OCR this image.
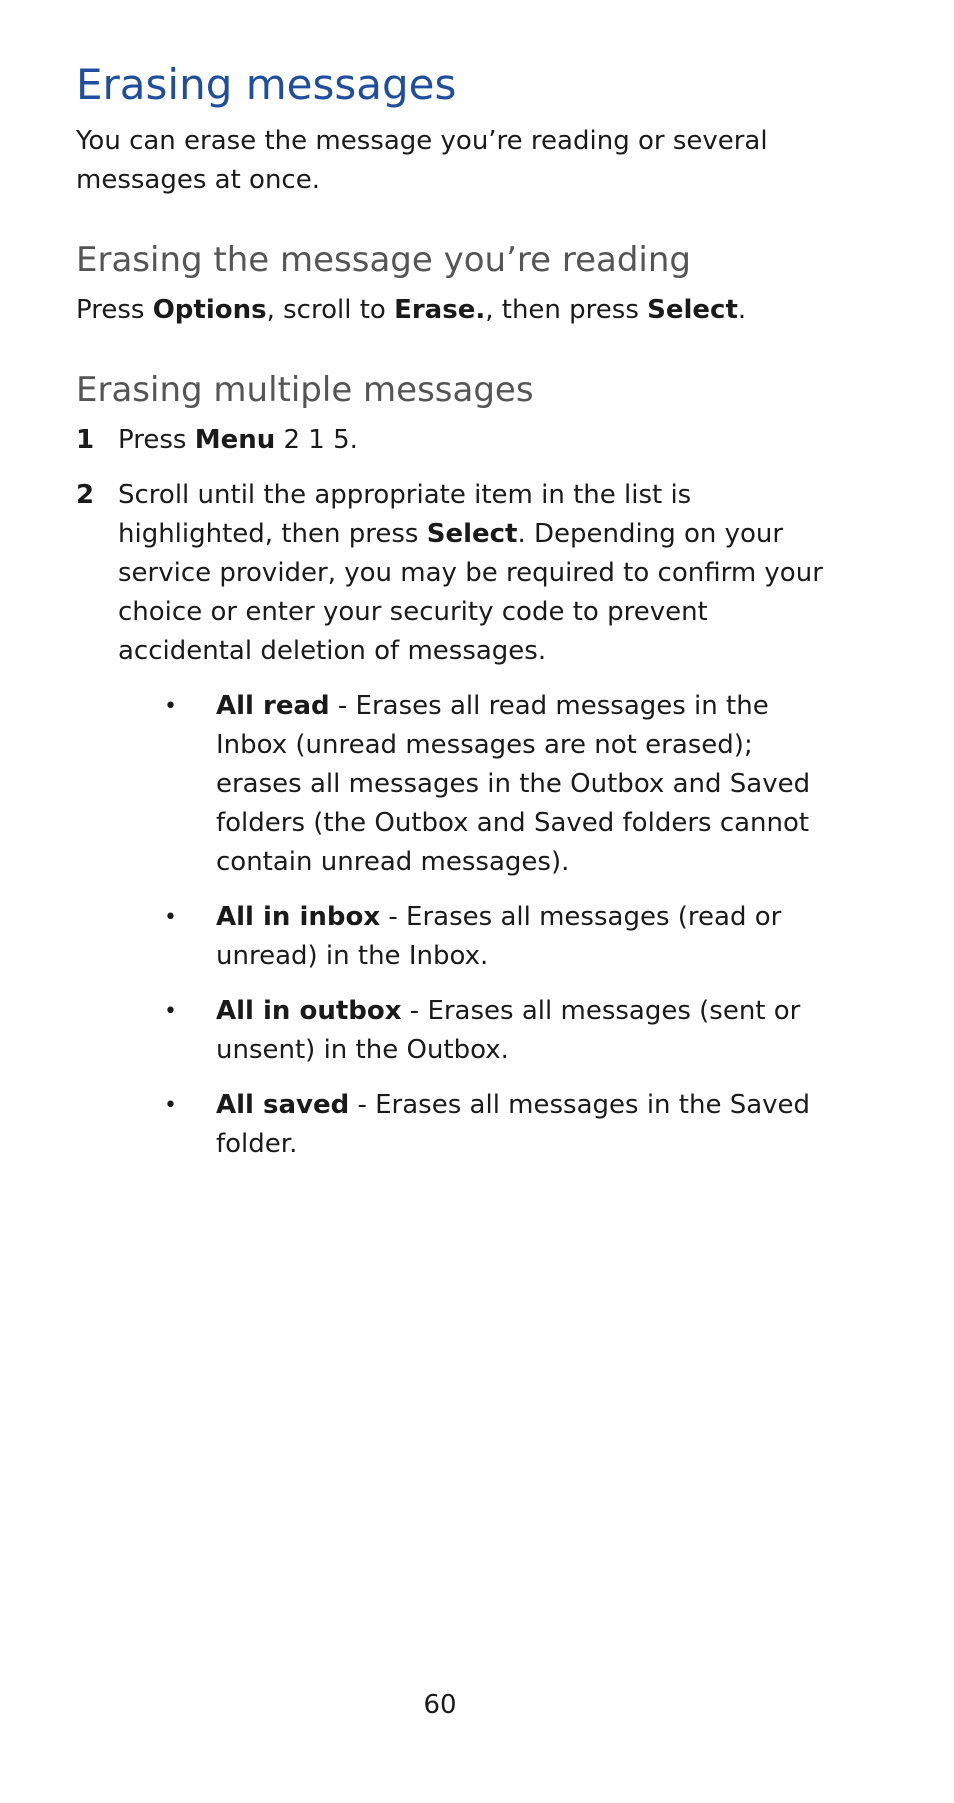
Erasing messages

You can erase the message you’re reading or several messages at once.

Erasing the message you’re reading

Press Options, scroll to Erase., then press Select.

Erasing multiple messages
1 Press Menu 2 1 5.
2 Scroll until the appropriate item in the list is highlighted, then press Select. Depending on your service provider, you may be required to confirm your choice or enter your security code to prevent accidental deletion of messages.
• All read - Erases all read messages in the Inbox (unread messages are not erased); erases all messages in the Outbox and Saved folders (the Outbox and Saved folders cannot contain unread messages).
• All in inbox - Erases all messages (read or unread) in the Inbox.
• All in outbox - Erases all messages (sent or unsent) in the Outbox.
• All saved - Erases all messages in the Saved folder.
60
